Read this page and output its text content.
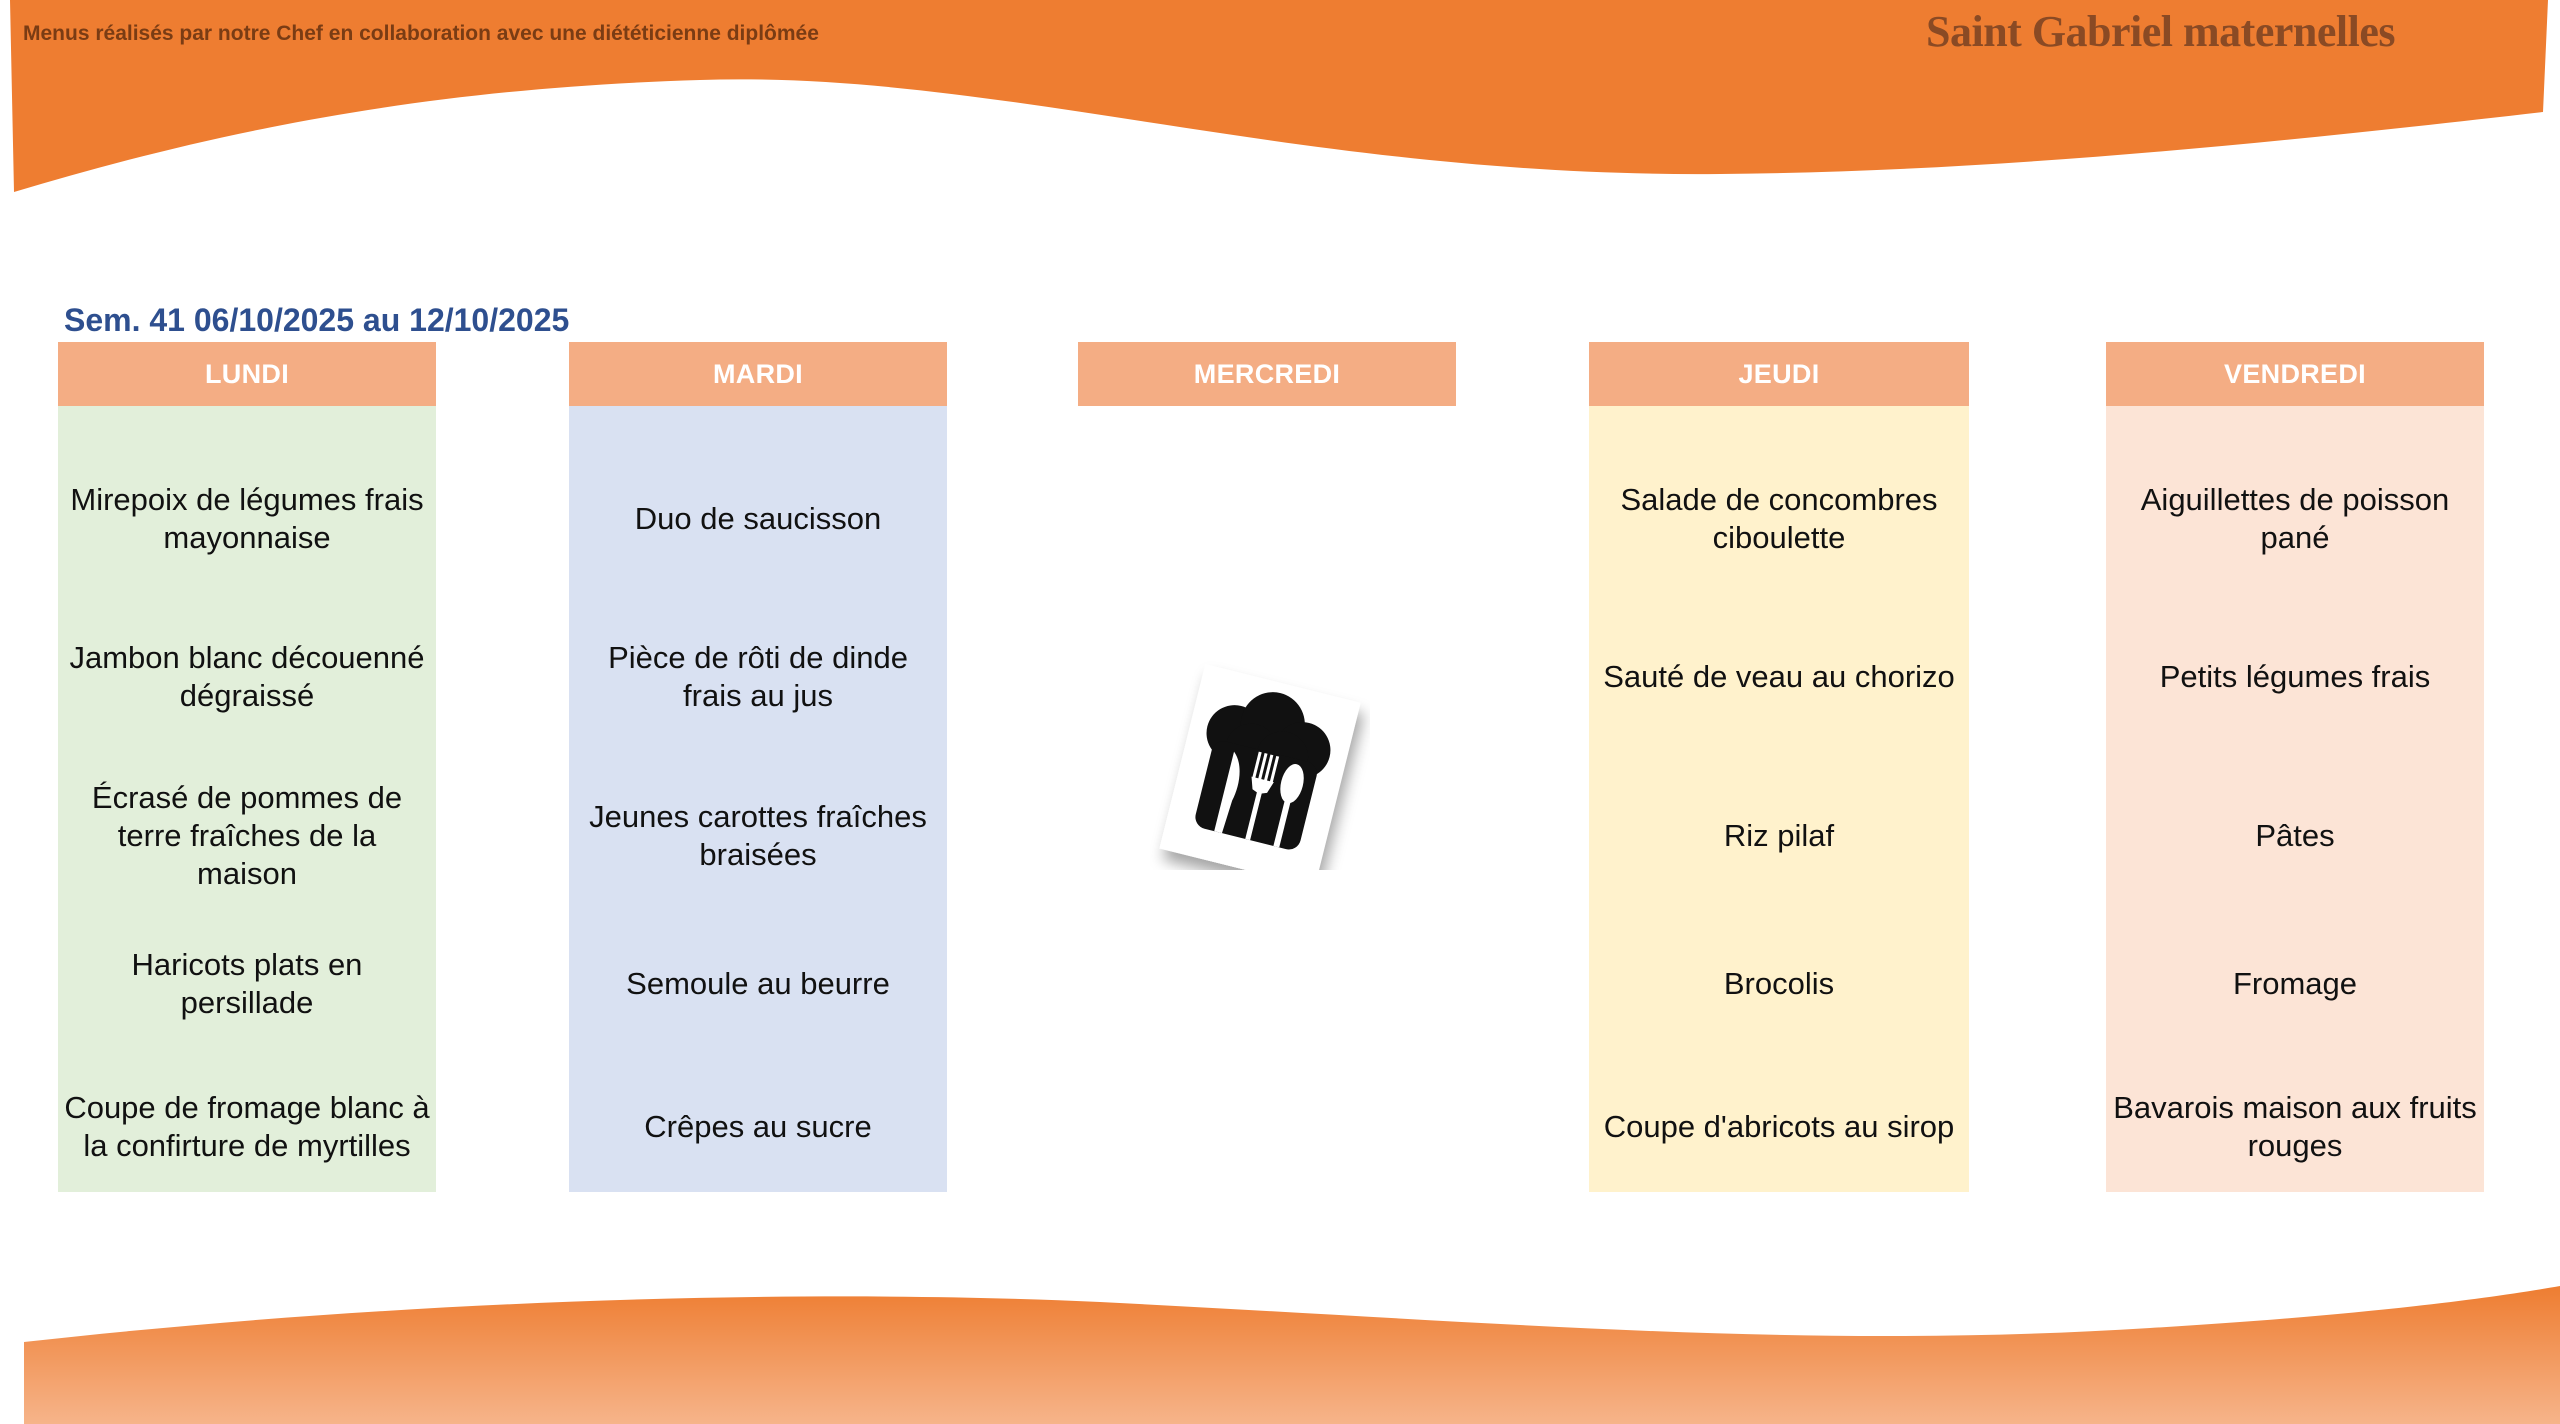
Menus réalisés par notre Chef en collaboration avec une diététicienne diplômée	Saint Gabriel maternelles
Sem. 41 06/10/2025 au 12/10/2025
LUNDI
Mirepoix de légumes frais mayonnaise
Jambon blanc découenné dégraissé
Écrasé de pommes de terre fraîches de la maison
Haricots plats en persillade
Coupe de fromage blanc à la confirture de myrtilles
MARDI
Duo de saucisson
Pièce de rôti de dinde frais au jus
Jeunes carottes fraîches braisées
Semoule au beurre
Crêpes au sucre
MERCREDI	JEUDI
Salade de concombres ciboulette
Sauté de veau au chorizo
Riz pilaf
Brocolis
Coupe d'abricots au sirop
VENDREDI
Aiguillettes de poisson pané
Petits légumes frais
Pâtes
Fromage
Bavarois maison aux fruits rouges
